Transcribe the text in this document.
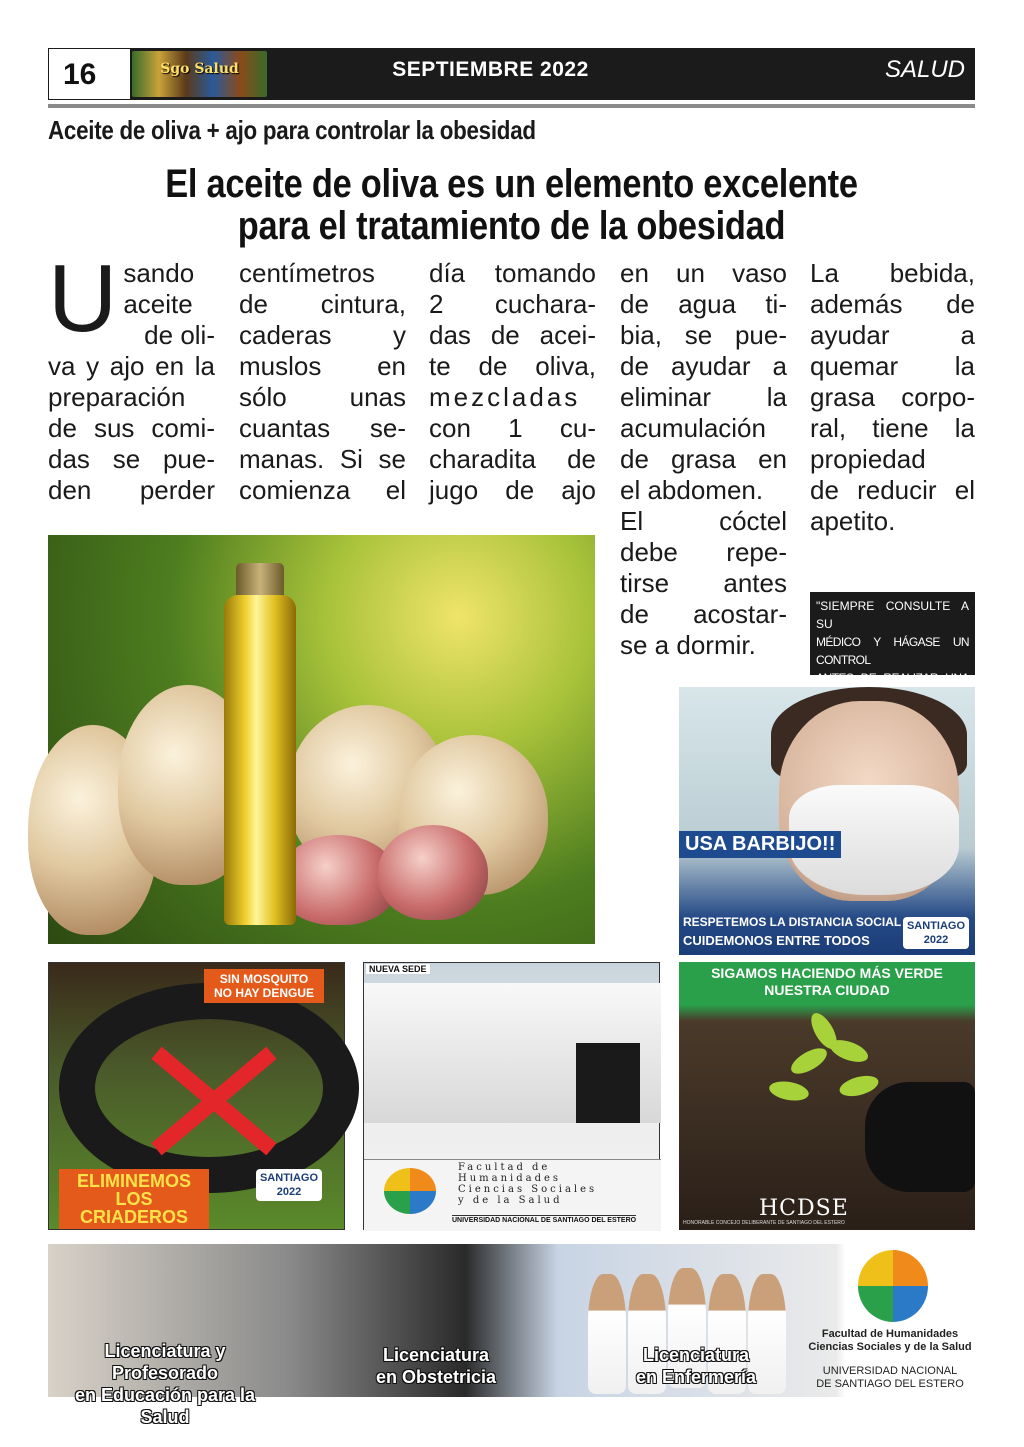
16	Sgo Salud	SEPTIEMBRE 2022	SALUD
Aceite de oliva + ajo para controlar la obesidad
El aceite de oliva es un elemento excelente
para el tratamiento de la obesidad
U sando
aceite
de oli-
va y ajo en la
preparación
de sus comi-
das se pue-
den perder
centímetros
de cintura,
caderas y
muslos en
sólo unas
cuantas se-
manas. Si se
comienza el
día tomando
2 cuchara-
das de acei-
te de oliva,
mezcladas
con 1 cu-
charadita de
jugo de ajo
en un vaso
de agua ti-
bia, se pue-
de ayudar a
eliminar la
acumulación
de grasa en
el abdomen.
El cóctel
debe repe-
tirse antes
de acostar-
se a dormir.
La bebida,
además de
ayudar a
quemar la
grasa corpo-
ral, tiene la
propiedad
de reducir el
apetito.
"SIEMPRE CONSULTE A SU
MÉDICO Y HÁGASE UN CONTROL
ANTES DE REALIZAR UNA
USA BARBIJO!!
RESPETEMOS LA DISTANCIA SOCIAL
CUIDEMONOS ENTRE TODOS
SANTIAGO 2022
SIN MOSQUITO NO HAY DENGUE
ELIMINEMOS LOS CRIADEROS
SANTIAGO 2022
NUEVA SEDE
Facultad de
Humanidades
Ciencias Sociales
y de la Salud
UNIVERSIDAD NACIONAL DE SANTIAGO DEL ESTERO
SIGAMOS HACIENDO MÁS VERDE
NUESTRA CIUDAD
HCDSE
HONORABLE CONCEJO DELIBERANTE DE SANTIAGO DEL ESTERO
Licenciatura y Profesorado
en Educación para la Salud
Licenciatura
en Obstetricia
Licenciatura
en Enfermería
Facultad de Humanidades
Ciencias Sociales y de la Salud
UNIVERSIDAD NACIONAL
DE SANTIAGO DEL ESTERO
